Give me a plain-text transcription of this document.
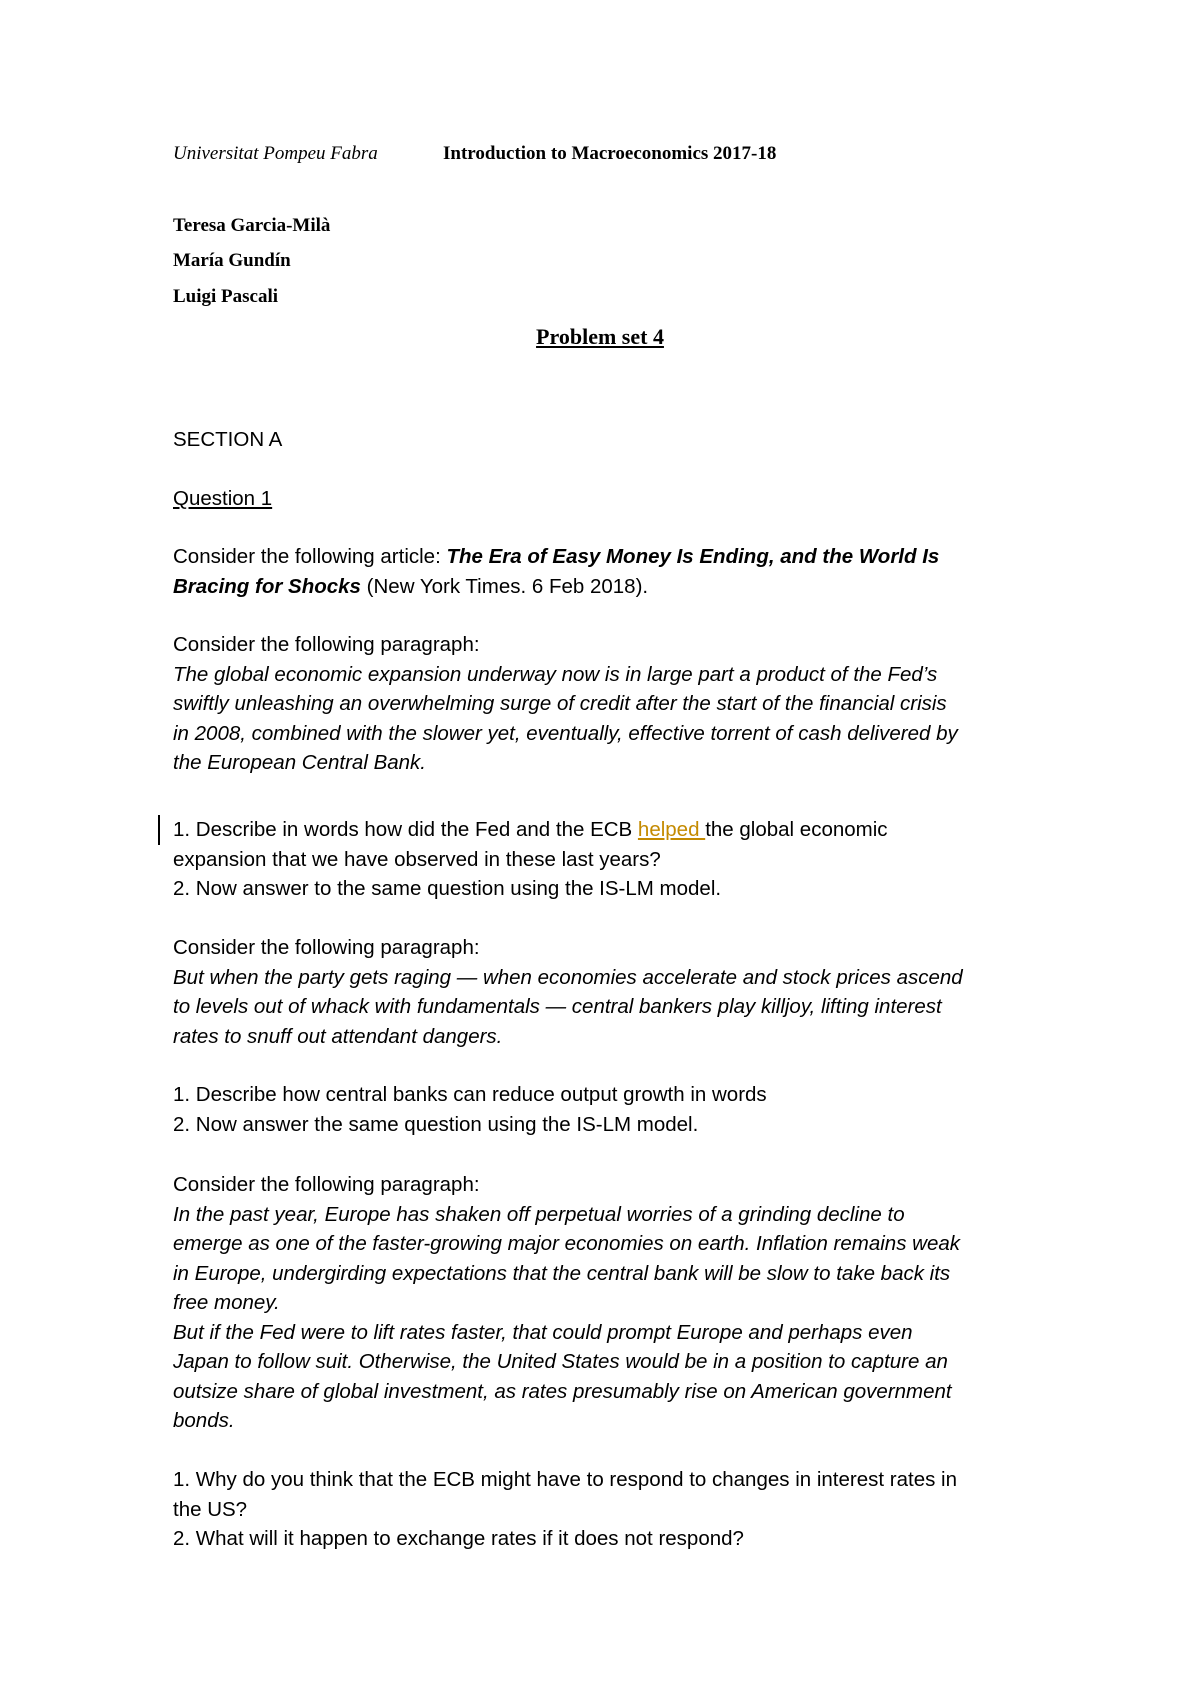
Universitat Pompeu Fabra	Introduction to Macroeconomics 2017-18
Teresa Garcia-Milà
María Gundín
Luigi Pascali
Problem set 4
SECTION A
Question 1

Consider the following article: The Era of Easy Money Is Ending, and the World Is

Bracing for Shocks (New York Times. 6 Feb 2018).

Consider the following paragraph:

The global economic expansion underway now is in large part a product of the Fed’s

swiftly unleashing an overwhelming surge of credit after the start of the financial crisis

in 2008, combined with the slower yet, eventually, effective torrent of cash delivered by

the European Central Bank.

1. Describe in words how did the Fed and the ECB helped the global economic

expansion that we have observed in these last years?

2. Now answer to the same question using the IS-LM model.

Consider the following paragraph:

But when the party gets raging — when economies accelerate and stock prices ascend

to levels out of whack with fundamentals — central bankers play killjoy, lifting interest

rates to snuff out attendant dangers.

1. Describe how central banks can reduce output growth in words

2. Now answer the same question using the IS-LM model.

Consider the following paragraph:

In the past year, Europe has shaken off perpetual worries of a grinding decline to

emerge as one of the faster-growing major economies on earth. Inflation remains weak

in Europe, undergirding expectations that the central bank will be slow to take back its

free money.

But if the Fed were to lift rates faster, that could prompt Europe and perhaps even

Japan to follow suit. Otherwise, the United States would be in a position to capture an

outsize share of global investment, as rates presumably rise on American government

bonds.

1. Why do you think that the ECB might have to respond to changes in interest rates in

the US?

2. What will it happen to exchange rates if it does not respond?
